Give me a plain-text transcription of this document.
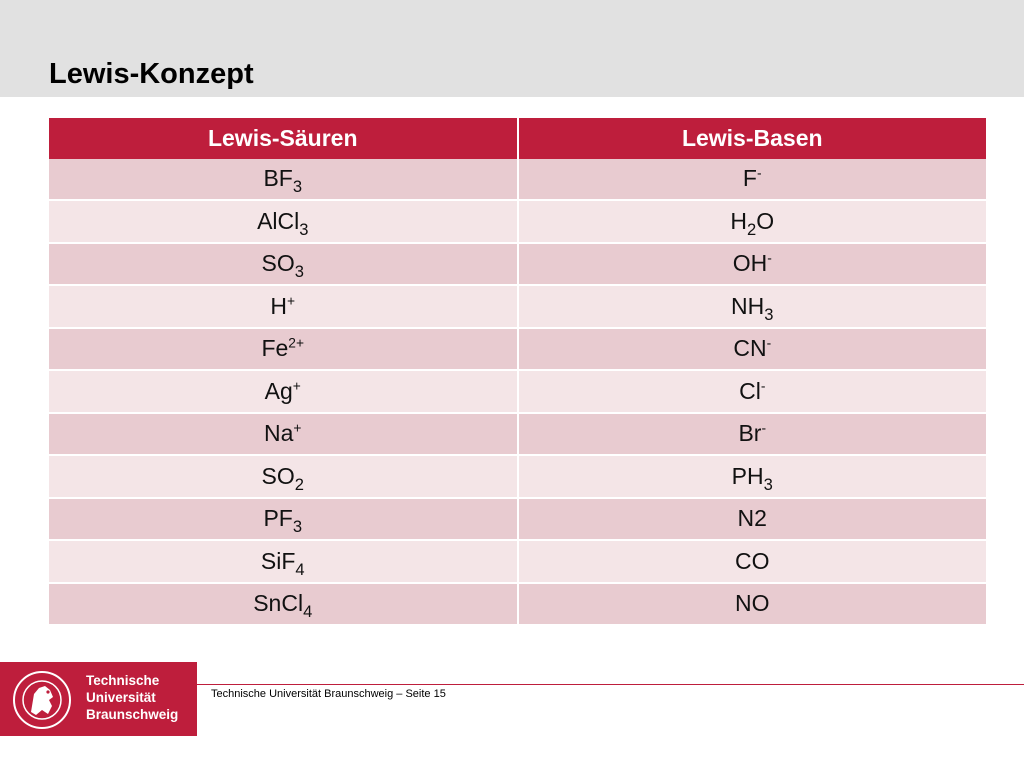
Lewis-Konzept
Lewis-Säuren	Lewis-Basen
$BF_3$	F-
AlCl$_3$	$H_2O$
$SO_3$	OH-
H+	$NH_3$
$Fe^{2+}$	CN-
Ag+	Cl-
Na+	Br-
$SO_2$	$PH_3$
$PF_3$	N2
SiF$_4$	CO
SnCl$_4$	NO
Technische
Universität
Braunschweig
Technische Universität Braunschweig – Seite 15
